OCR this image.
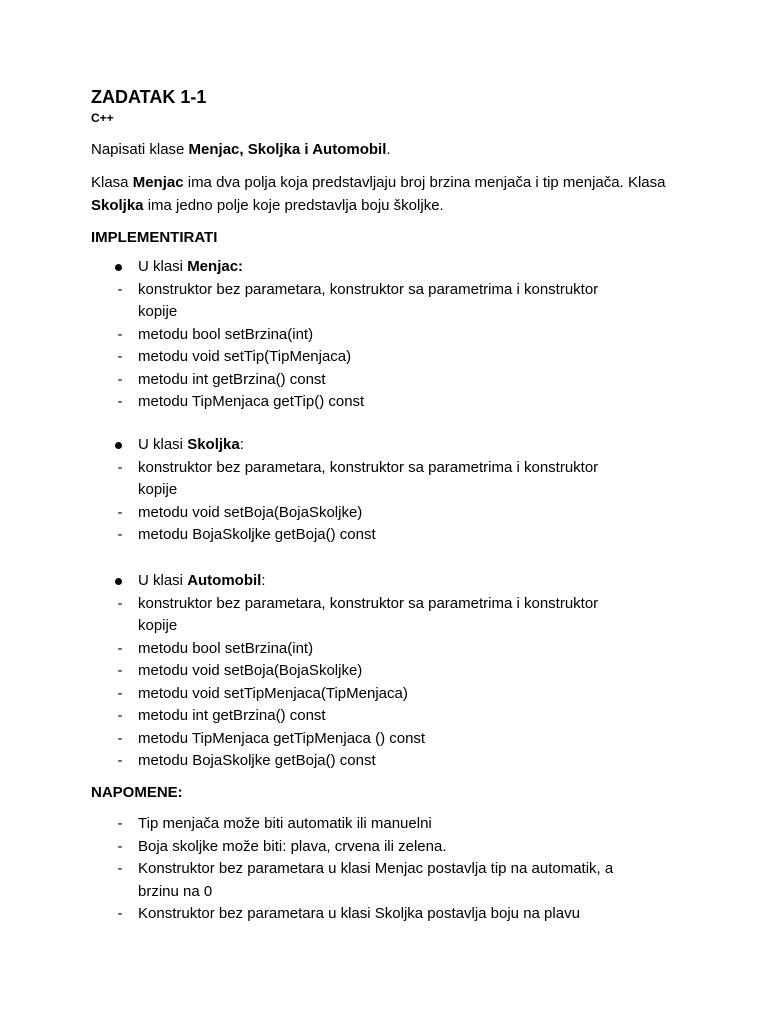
ZADATAK 1-1
C++

Napisati klase Menjac, Skoljka i Automobil.

Klasa Menjac ima dva polja koja predstavljaju broj brzina menjača i tip menjača. Klasa Skoljka ima jedno polje koje predstavlja boju školjke.

IMPLEMENTIRATI
U klasi Menjac:
-	konstruktor bez parametara, konstruktor sa parametrima i konstruktor
kopije
-	metodu bool setBrzina(int)
-	metodu void setTip(TipMenjaca)
-	metodu int getBrzina() const
-	metodu TipMenjaca getTip() const
U klasi Skoljka:
-	konstruktor bez parametara, konstruktor sa parametrima i konstruktor
kopije
-	metodu void setBoja(BojaSkoljke)
-	metodu BojaSkoljke getBoja() const
U klasi Automobil:
-	konstruktor bez parametara, konstruktor sa parametrima i konstruktor
kopije
-	metodu bool setBrzina(int)
-	metodu void setBoja(BojaSkoljke)
-	metodu void setTipMenjaca(TipMenjaca)
-	metodu int getBrzina() const
-	metodu TipMenjaca getTipMenjaca () const
-	metodu BojaSkoljke getBoja() const
NAPOMENE:
-	Tip menjača može biti automatik ili manuelni
-	Boja skoljke može biti: plava, crvena ili zelena.
-	Konstruktor bez parametara u klasi Menjac postavlja tip na automatik, a
brzinu na 0
-	Konstruktor bez parametara u klasi Skoljka postavlja boju na plavu
